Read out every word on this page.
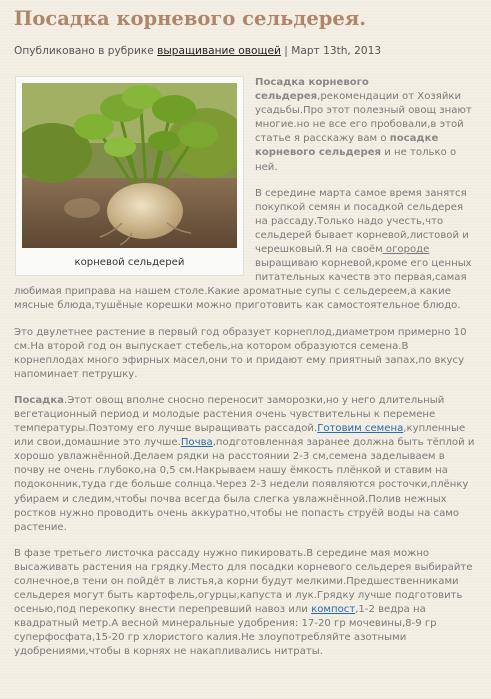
Посадка корневого сельдерея.
Опубликовано в рубрике выращивание овощей | Март 13th, 2013
корневой сельдерей

Посадка корневого сельдерея,рекомендации от Хозяйки усадьбы.Про этот полезный овощ знают многие.но не все его пробовали,в этой статье я расскажу вам о посадке корневого сельдерея и не только о ней.

В середине марта самое время занятся покупкой семян и посадкой сельдерея на рассаду.Только надо учесть,что сельдерей бывает корневой,листовой и черешковый.Я на своём огороде выращиваю корневой,кроме его ценных питательных качеств это первая,самая любимая приправа на нашем столе.Какие ароматные супы с сельдереем,а какие мясные блюда,тушёные корешки можно приготовить как самостоятельное блюдо.

Это двулетнее растение в первый год образует корнеплод,диаметром примерно 10 см.На второй год он выпускает стебель,на котором образуются семена.В корнеплодах много эфирных масел,они то и придают ему приятный запах,по вкусу напоминает петрушку.

Посадка.Этот овощ вполне сносно переносит заморозки,но у него длительный вегетационный период и молодые растения очень чувствительны к перемене температуры.Поэтому его лучше выращивать рассадой.Готовим семена,купленные или свои,домашние это лучше.Почва,подготовленная заранее должна быть тёплой и хорошо увлажнённой.Делаем рядки на расстоянии 2-3 см,семена заделываем в почву не очень глубоко,на 0,5 см.Накрываем нашу ёмкость плёнкой и ставим на подоконник,туда где больше солнца.Через 2-3 недели появляются росточки,плёнку убираем и следим,чтобы почва всегда была слегка увлажнённой.Полив нежных ростков нужно проводить очень аккуратно,чтобы не попасть струёй воды на само растение.

В фазе третьего листочка рассаду нужно пикировать.В середине мая можно высаживать растения на грядку.Место для посадки корневого сельдерея выбирайте солнечное,в тени он пойдёт в листья,а корни будут мелкими.Предшественниками сельдерея могут быть картофель,огурцы,капуста и лук.Грядку лучше подготовить осенью,под перекопку внести перепревший навоз или компост,1-2 ведра на квадратный метр.А весной минеральные удобрения: 17-20 гр мочевины,8-9 гр суперфосфата,15-20 гр хлористого калия.Не злоупотребляйте азотными удобрениями,чтобы в корнях не накапливались нитраты.
